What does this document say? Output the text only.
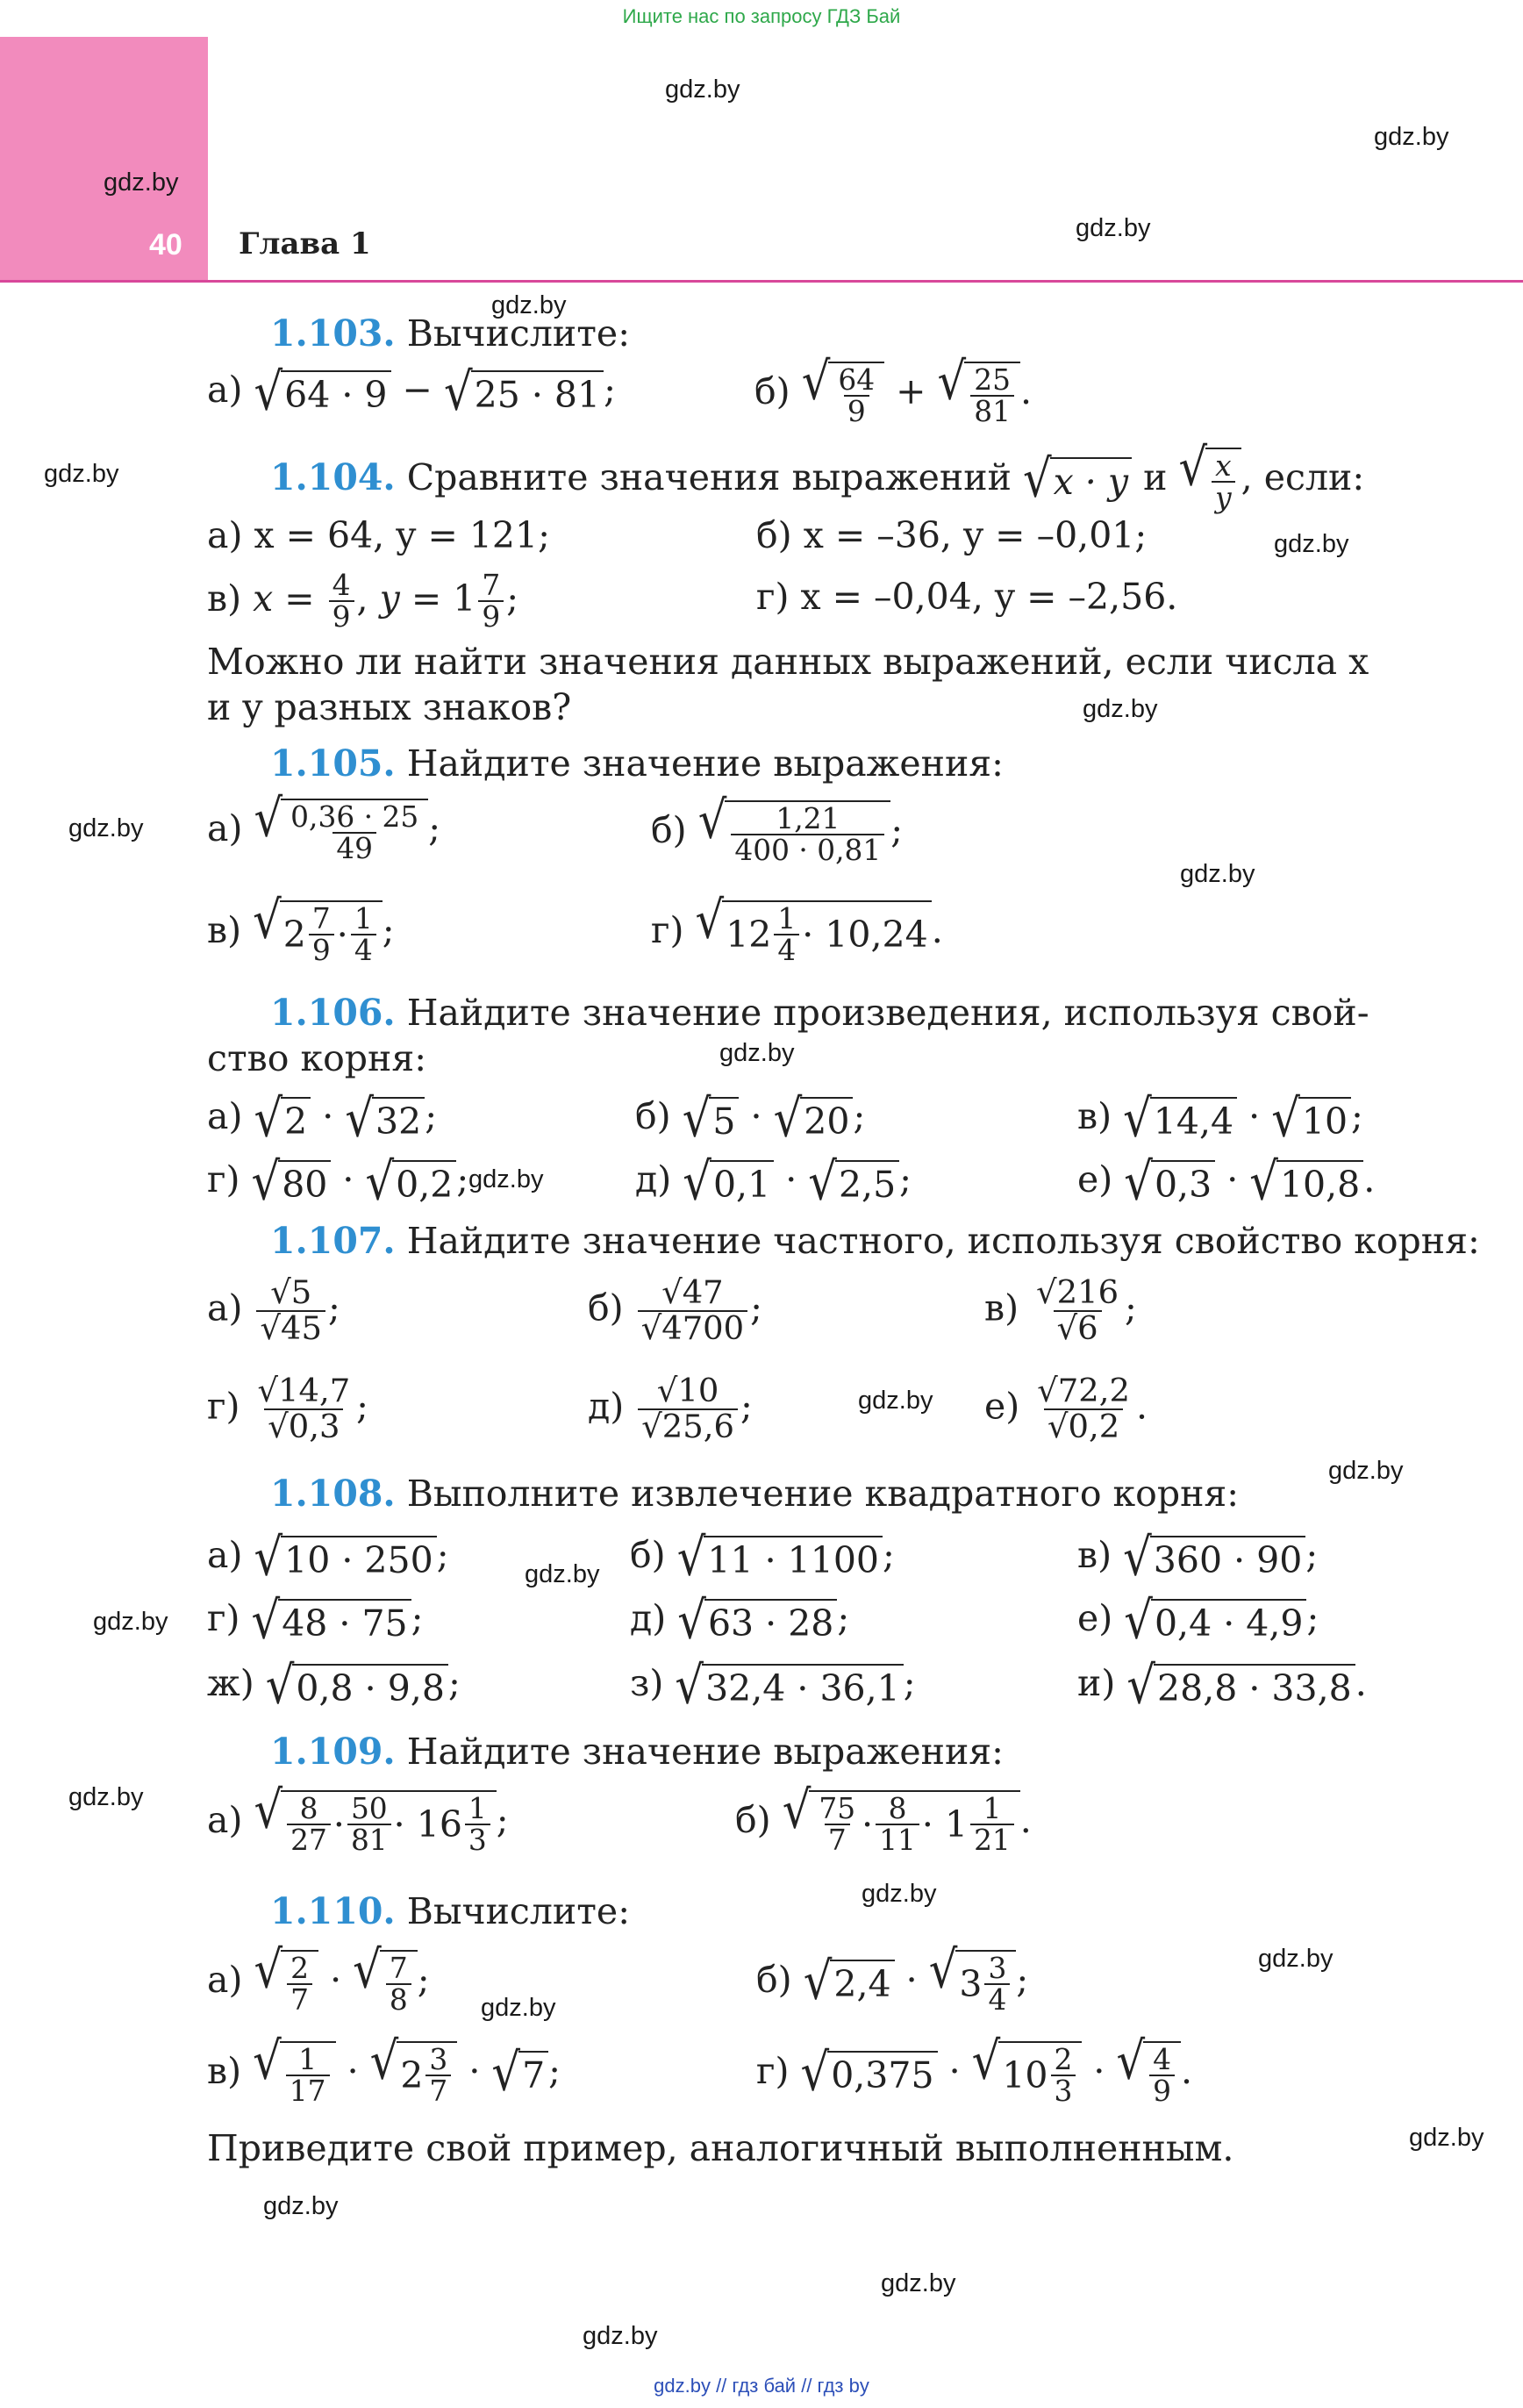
Ищите нас по запросу ГДЗ Бай
40 Глава 1
gdz.by
gdz.by
gdz.by
gdz.by
gdz.by
gdz.by
gdz.by
gdz.by
gdz.by
gdz.by
gdz.by
gdz.by
gdz.by
gdz.by
gdz.by
gdz.by
gdz.by
gdz.by
gdz.by
gdz.by
gdz.by
gdz.by
gdz.by
gdz.by
1.103. Вычислите:
а) √ 64 · 9 − √ 25 · 81 ;	б) √ $\frac{64}{9}$ + √ $\frac{25}{81}$ .
1.104. Сравните значения выражений √ x · y и √ $\frac{x}{y}$ , если:
а) x = 64, y = 121;	б) x = –36, y = –0,01;
в) $x = \frac{4}{9}$ , $y = 1 \frac{7}{9}$ ;	г) x = –0,04, y = –2,56.
Можно ли найти значения данных выражений, если числа x
и y разных знаков?
1.105. Найдите значение выражения:
а) √ $\frac{0,36 \cdot 25}{49}$ ;	б) √ $\frac{1,21}{400 \cdot 0,81}$ ;
в) √ $2 \frac{7}{9} \cdot \frac{1}{4}$ ;	г) √ $12 \frac{1}{4} \cdot 10,24$ .
1.106. Найдите значение произведения, используя свой-
ство корня:
а) √ 2 · √ 32 ;	б) √ 5 · √ 20 ;	в) √ 14,4 · √ 10 ;
г) √ 80 · √ 0,2 ;	д) √ 0,1 · √ 2,5 ;	е) √ 0,3 · √ 10,8 .
1.107. Найдите значение частного, используя свойство корня:
$а) \frac{√5}{√45}$ ;	$б) \frac{√47}{√4700}$ ;	$в) \frac{√216}{√6}$ ;
$г) \frac{√14,7}{√0,3}$ ;	$д) \frac{√10}{√25,6}$ ;	$е) \frac{√72,2}{√0,2}$ .
1.108. Выполните извлечение квадратного корня:
а) √ 10 · 250 ;	б) √ 11 · 1100 ;	в) √ 360 · 90 ;
г) √ 48 · 75 ;	д) √ 63 · 28 ;	е) √ 0,4 · 4,9 ;
ж) √ 0,8 · 9,8 ;	з) √ 32,4 · 36,1 ;	и) √ 28,8 · 33,8 .
1.109. Найдите значение выражения:
а) √ $\frac{8}{27} \cdot \frac{50}{81} \cdot 16 \frac{1}{3}$ ;	б) √ $\frac{75}{7} \cdot \frac{8}{11} \cdot 1 \frac{1}{21}$ .
1.110. Вычислите:
а) √ $\frac{2}{7}$ · √ $\frac{7}{8}$ ;	б) √ 2,4 · √ $3 \frac{3}{4}$ ;
в) √ $\frac{1}{17}$ · √ $2 \frac{3}{7}$ · √ 7 ;	г) √ 0,375 · √ $10 \frac{2}{3}$ · √ $\frac{4}{9}$ .
Приведите свой пример, аналогичный выполненным.
gdz.by // гдз бай // гдз by
